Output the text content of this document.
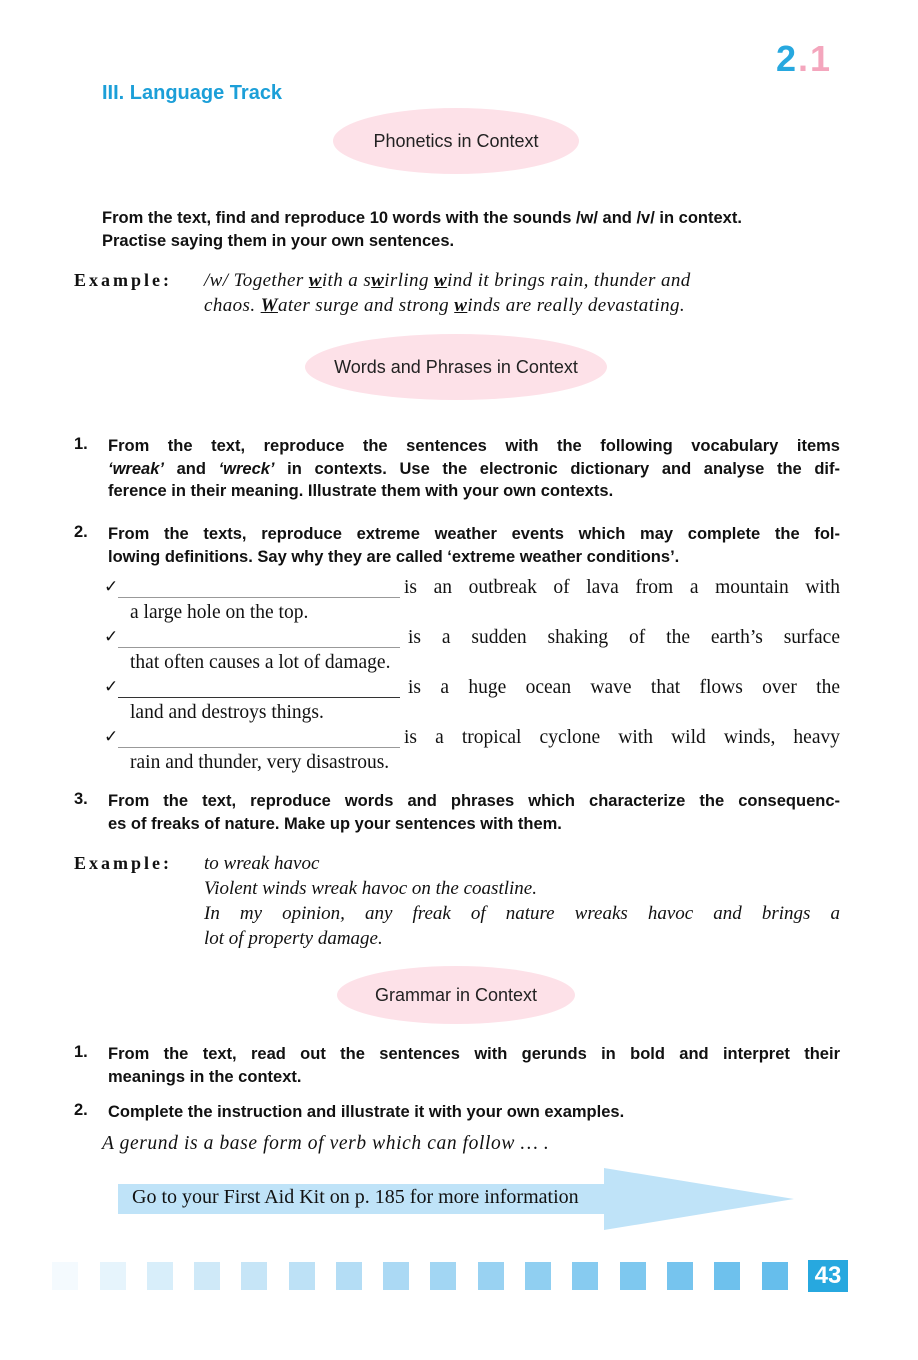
2.1
III. Language Track
Phonetics in Context
From the text, find and reproduce 10 words with the sounds /w/ and /v/ in context.
Practise saying them in your own sentences.
Example: /w/ Together with a swirling wind it brings rain, thunder and
chaos. Water surge and strong winds are really devastating.
Words and Phrases in Context
1. From the text, reproduce the sentences with the following vocabulary items
‘wreak’ and ‘wreck’ in contexts. Use the electronic dictionary and analyse the dif-
ference in their meaning. Illustrate them with your own contexts.
2. From the texts, reproduce extreme weather events which may complete the fol-
lowing definitions. Say why they are called ‘extreme weather conditions’.
✓	is an outbreak of lava from a mountain with
a large hole on the top.
✓	is a sudden shaking of the earth’s surface
that often causes a lot of damage.
✓	is a huge ocean wave that flows over the
land and destroys things.
✓	is a tropical cyclone with wild winds, heavy
rain and thunder, very disastrous.
3. From the text, reproduce words and phrases which characterize the consequenc-
es of freaks of nature. Make up your sentences with them.
Example: to wreak havoc
Violent winds wreak havoc on the coastline.
In my opinion, any freak of nature wreaks havoc and brings a
lot of property damage.
Grammar in Context
1. From the text, read out the sentences with gerunds in bold and interpret their
meanings in the context.
2. Complete the instruction and illustrate it with your own examples.
A gerund is a base form of verb which can follow … .
Go to your First Aid Kit on p. 185 for more information
43
